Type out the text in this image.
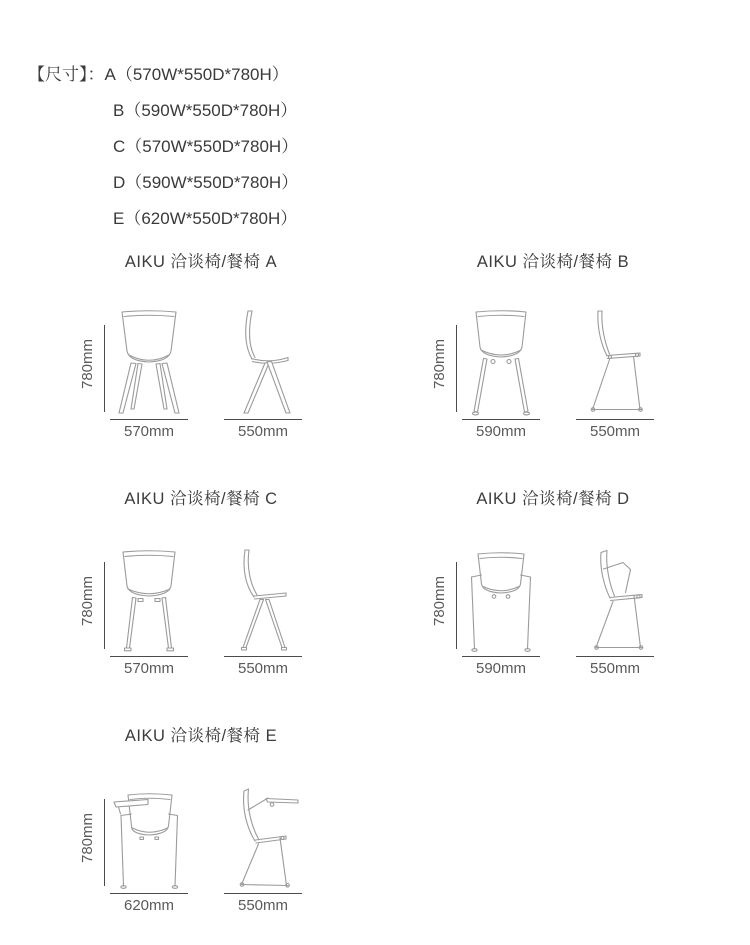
【尺寸】：A（570W*550D*780H）
B（590W*550D*780H）
C（570W*550D*780H）
D（590W*550D*780H）
E（620W*550D*780H）
AIKU 洽谈椅/餐椅 A
780mm
570mm	550mm
AIKU 洽谈椅/餐椅 B
780mm
590mm	550mm
AIKU 洽谈椅/餐椅 C
780mm
570mm	550mm
AIKU 洽谈椅/餐椅 D
780mm
590mm	550mm
AIKU 洽谈椅/餐椅 E
780mm
620mm	550mm
